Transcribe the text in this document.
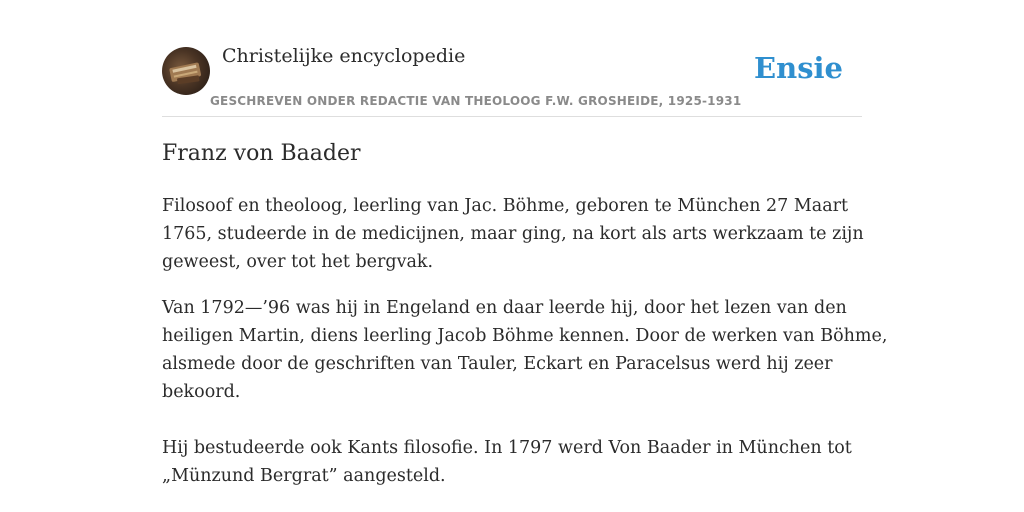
Christelijke encyclopedie
GESCHREVEN ONDER REDACTIE VAN THEOLOOG F.W. GROSHEIDE, 1925-1931
Ensie
Franz von Baader

Filosoof en theoloog, leerling van Jac. Böhme, geboren te München 27 Maart

1765, studeerde in de medicijnen, maar ging, na kort als arts werkzaam te zijn

geweest, over tot het bergvak.

Van 1792—’96 was hij in Engeland en daar leerde hij, door het lezen van den

heiligen Martin, diens leerling Jacob Böhme kennen. Door de werken van Böhme,

alsmede door de geschriften van Tauler, Eckart en Paracelsus werd hij zeer

bekoord.

Hij bestudeerde ook Kants filosofie. In 1797 werd Von Baader in München tot

„Münzund Bergrat” aangesteld.
